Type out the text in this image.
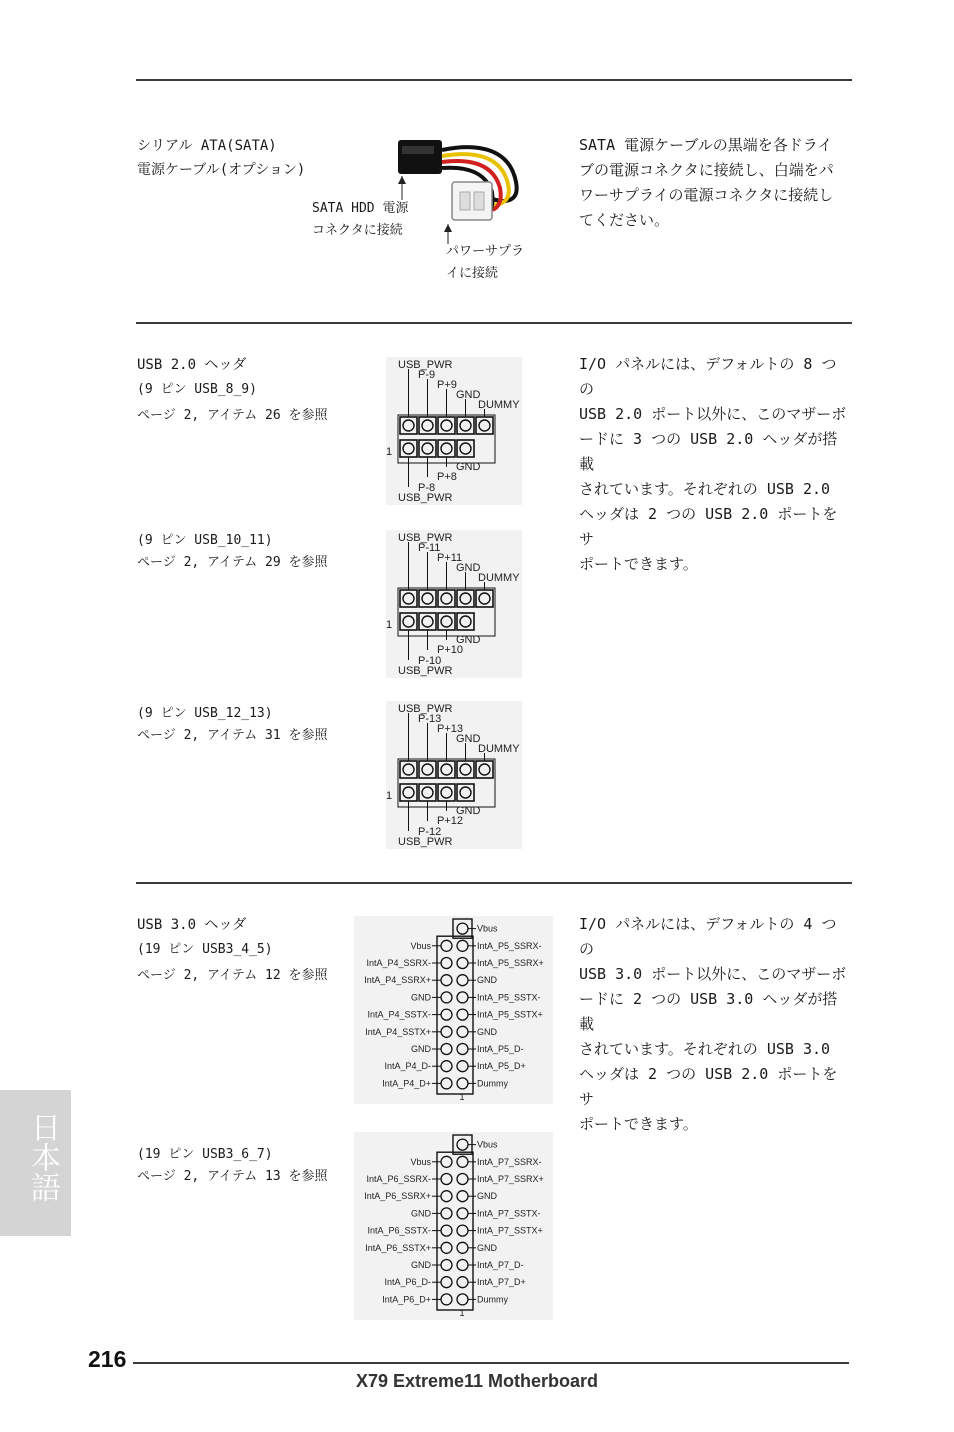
シリアル ATA(SATA)
電源ケーブル(オプション)
SATA HDD 電源
コネクタに接続
パワーサプラ
イに接続

SATA 電源ケーブルの黒端を各ドライ

ブの電源コネクタに接続し、白端をパ

ワーサプライの電源コネクタに接続し

てください。

USB 2.0 ヘッダ
(9 ピン USB_8_9)
ページ 2, アイテム 26 を参照
(9 ピン USB_10_11)
ページ 2, アイテム 29 を参照
(9 ピン USB_12_13)
ページ 2, アイテム 31 を参照
USB_PWR
P-9
P+9
GND
DUMMY
1
GND
P+8
P-8
USB_PWR
USB_PWR
P-11
P+11
GND
DUMMY
1
GND
P+10
P-10
USB_PWR
USB_PWR
P-13
P+13
GND
DUMMY
1
GND
P+12
P-12
USB_PWR

I/O パネルには、デフォルトの 8 つの

USB 2.0 ポート以外に、このマザーボ

ードに 3 つの USB 2.0 ヘッダが搭載

されています。それぞれの USB 2.0

ヘッダは 2 つの USB 2.0 ポートをサ

ポートできます。

USB 3.0 ヘッダ
(19 ピン USB3_4_5)
ページ 2, アイテム 12 を参照
(19 ピン USB3_6_7)
ページ 2, アイテム 13 を参照
Vbus
IntA_P5_SSRX-
Vbus
IntA_P5_SSRX+
IntA_P4_SSRX-
GND
IntA_P4_SSRX+
IntA_P5_SSTX-
GND
IntA_P5_SSTX+
IntA_P4_SSTX-
GND
IntA_P4_SSTX+
IntA_P5_D-
GND
IntA_P5_D+
IntA_P4_D-
Dummy
IntA_P4_D+
1
Vbus
IntA_P7_SSRX-
Vbus
IntA_P7_SSRX+
IntA_P6_SSRX-
GND
IntA_P6_SSRX+
IntA_P7_SSTX-
GND
IntA_P7_SSTX+
IntA_P6_SSTX-
GND
IntA_P6_SSTX+
IntA_P7_D-
GND
IntA_P7_D+
IntA_P6_D-
Dummy
IntA_P6_D+
1

I/O パネルには、デフォルトの 4 つの

USB 3.0 ポート以外に、このマザーボ

ードに 2 つの USB 3.0 ヘッダが搭載

されています。それぞれの USB 3.0

ヘッダは 2 つの USB 2.0 ポートをサ

ポートできます。

日本語
216
X79 Extreme11 Motherboard
